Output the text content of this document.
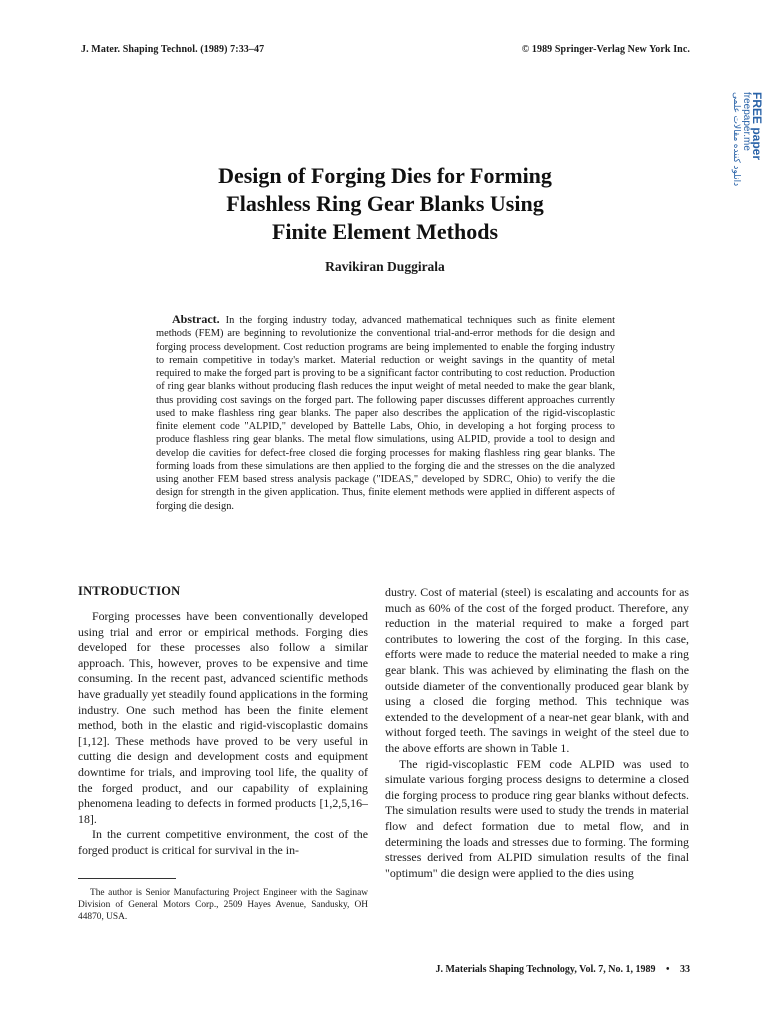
J. Mater. Shaping Technol. (1989) 7:33–47	© 1989 Springer-Verlag New York Inc.
دانلود کننده مقالات علمی freepaper.me
FREE paper
Design of Forging Dies for Forming
Flashless Ring Gear Blanks Using
Finite Element Methods
Ravikiran Duggirala

Abstract. In the forging industry today, advanced mathematical techniques such as finite element methods (FEM) are beginning to revolutionize the conventional trial-and-error methods for die design and forging process development. Cost reduction programs are being implemented to enable the forging industry to remain competitive in today's market. Material reduction or weight savings in the quantity of metal required to make the forged part is proving to be a significant factor contributing to cost reduction. Production of ring gear blanks without producing flash reduces the input weight of metal needed to make the gear blank, thus providing cost savings on the forged part. The following paper discusses different approaches currently used to make flashless ring gear blanks. The paper also describes the application of the rigid-viscoplastic finite element code "ALPID," developed by Battelle Labs, Ohio, in developing a hot forging process to produce flashless ring gear blanks. The metal flow simulations, using ALPID, provide a tool to design and develop die cavities for defect-free closed die forging processes for making flashless ring gear blanks. The forming loads from these simulations are then applied to the forging die and the stresses on the die analyzed using another FEM based stress analysis package ("IDEAS," developed by SDRC, Ohio) to verify the die design for strength in the given application. Thus, finite element methods were applied in different aspects of forging die design.

INTRODUCTION

Forging processes have been conventionally developed using trial and error or empirical methods. Forging dies developed for these processes also follow a similar approach. This, however, proves to be expensive and time consuming. In the recent past, advanced scientific methods have gradually yet steadily found applications in the forming industry. One such method has been the finite element method, both in the elastic and rigid-viscoplastic domains [1,12]. These methods have proved to be very useful in cutting die design and development costs and equipment downtime for trials, and improving tool life, the quality of the forged product, and our capability of explaining phenomena leading to defects in formed products [1,2,5,16–18].

In the current competitive environment, the cost of the forged product is critical for survival in the in-

dustry. Cost of material (steel) is escalating and accounts for as much as 60% of the cost of the forged product. Therefore, any reduction in the material required to make a forged part contributes to lowering the cost of the forging. In this case, efforts were made to reduce the material needed to make a ring gear blank. This was achieved by eliminating the flash on the outside diameter of the conventionally produced gear blank by using a closed die forging method. This technique was extended to the development of a near-net gear blank, with and without forged teeth. The savings in weight of the steel due to the above efforts are shown in Table 1.

The rigid-viscoplastic FEM code ALPID was used to simulate various forging process designs to determine a closed die forging process to produce ring gear blanks without defects. The simulation results were used to study the trends in material flow and defect formation due to metal flow, and in determining the loads and stresses due to forming. The forming stresses derived from ALPID simulation results of the final "optimum" die design were applied to the dies using

The author is Senior Manufacturing Project Engineer with the Saginaw Division of General Motors Corp., 2509 Hayes Avenue, Sandusky, OH 44870, USA.

J. Materials Shaping Technology, Vol. 7, No. 1, 1989 • 33
